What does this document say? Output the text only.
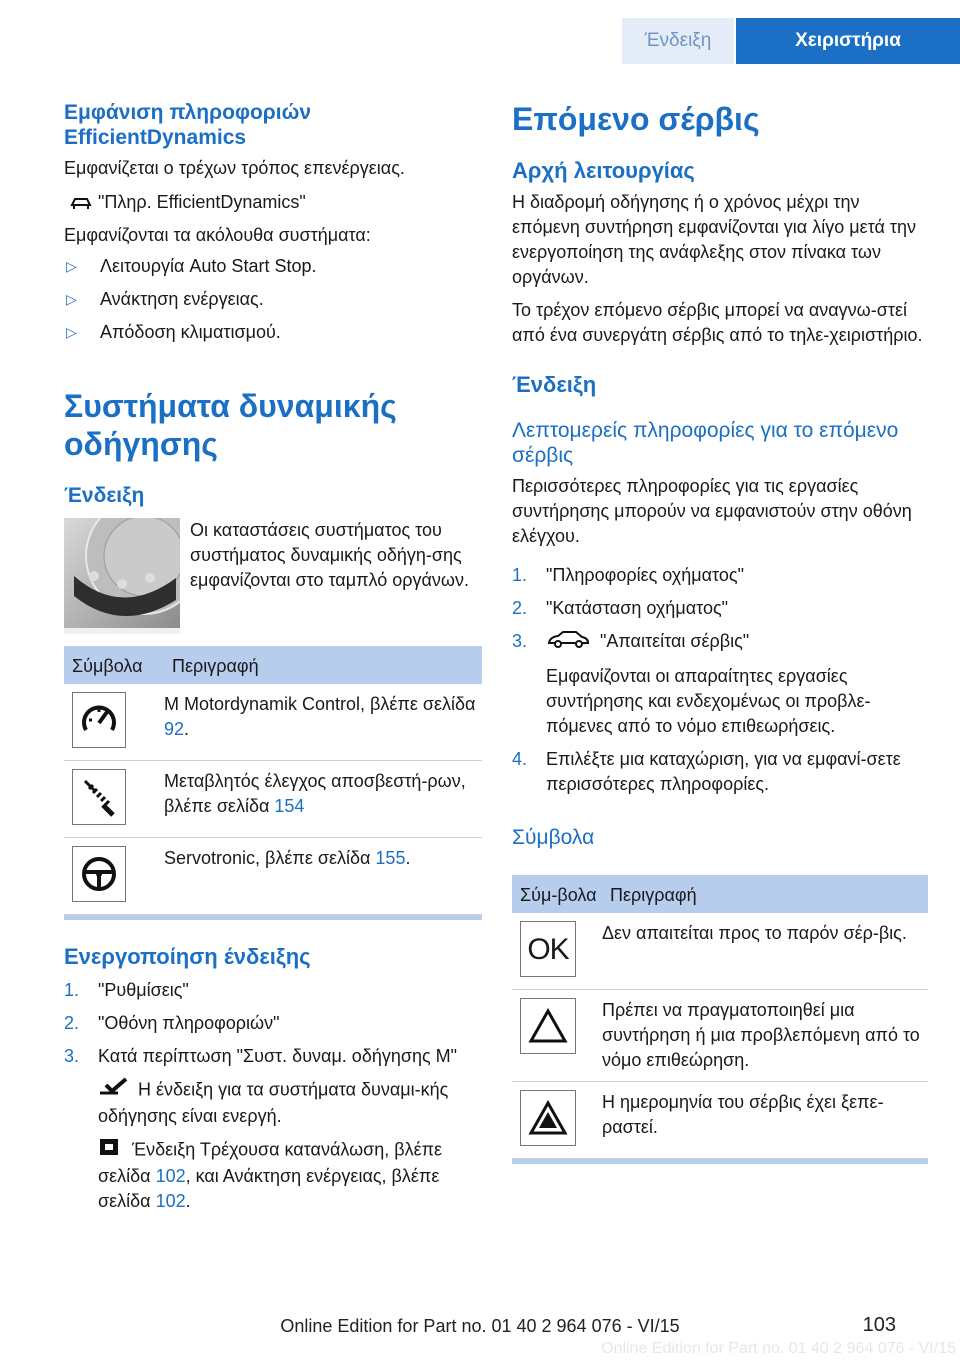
Ένδειξη	Χειριστήρια
Εμφάνιση πληροφοριών EfficientDynamics

Εμφανίζεται ο τρέχων τρόπος επενέργειας.

"Πληρ. EfficientDynamics"

Εμφανίζονται τα ακόλουθα συστήματα:

▷	Λειτουργία Auto Start Stop.
▷	Ανάκτηση ενέργειας.
▷	Απόδοση κλιματισμού.
Συστήματα δυναμικής οδήγησης
Ένδειξη

Οι καταστάσεις συστήματος του συστήματος δυναμικής οδήγη-σης εμφανίζονται στο ταμπλό οργάνων.

Σύμβολα	Περιγραφή

	M Motordynamik Control, βλέπε σελίδα 92.

	Μεταβλητός έλεγχος αποσβεστή-ρων, βλέπε σελίδα 154

	Servotronic, βλέπε σελίδα 155.
Ενεργοποίηση ένδειξης
1.	"Ρυθμίσεις"
2.	"Οθόνη πληροφοριών"
3.	Κατά περίπτωση "Συστ. δυναμ. οδήγησης M"

Η ένδειξη για τα συστήματα δυναμι-κής οδήγησης είναι ενεργή.

Ένδειξη Τρέχουσα κατανάλωση, βλέπε σελίδα 102, και Ανάκτηση ενέργειας, βλέπε σελίδα 102.

Επόμενο σέρβις
Αρχή λειτουργίας

Η διαδρομή οδήγησης ή ο χρόνος μέχρι την επόμενη συντήρηση εμφανίζονται για λίγο μετά την ενεργοποίηση της ανάφλεξης στον πίνακα των οργάνων.

Το τρέχον επόμενο σέρβις μπορεί να αναγνω-στεί από ένα συνεργάτη σέρβις από το τηλε-χειριστήριο.

Ένδειξη
Λεπτομερείς πληροφορίες για το επόμενο σέρβις

Περισσότερες πληροφορίες για τις εργασίες συντήρησης μπορούν να εμφανιστούν στην οθόνη ελέγχου.

1.	"Πληροφορίες οχήματος"
2.	"Κατάσταση οχήματος"
3.	"Απαιτείται σέρβις"

Εμφανίζονται οι απαραίτητες εργασίες συντήρησης και ενδεχομένως οι προβλε-πόμενες από το νόμο επιθεωρήσεις.

4.	Επιλέξτε μια καταχώριση, για να εμφανί-σετε περισσότερες πληροφορίες.
Σύμβολα
Σύμ-βολα	Περιγραφή

OK	Δεν απαιτείται προς το παρόν σέρ-βις.

	Πρέπει να πραγματοποιηθεί μια συντήρηση ή μια προβλεπόμενη από το νόμο επιθεώρηση.

	Η ημερομηνία του σέρβις έχει ξεπε-ραστεί.
103
Online Edition for Part no. 01 40 2 964 076 - VI/15
Online Edition for Part no. 01 40 2 964 076 - VI/15
